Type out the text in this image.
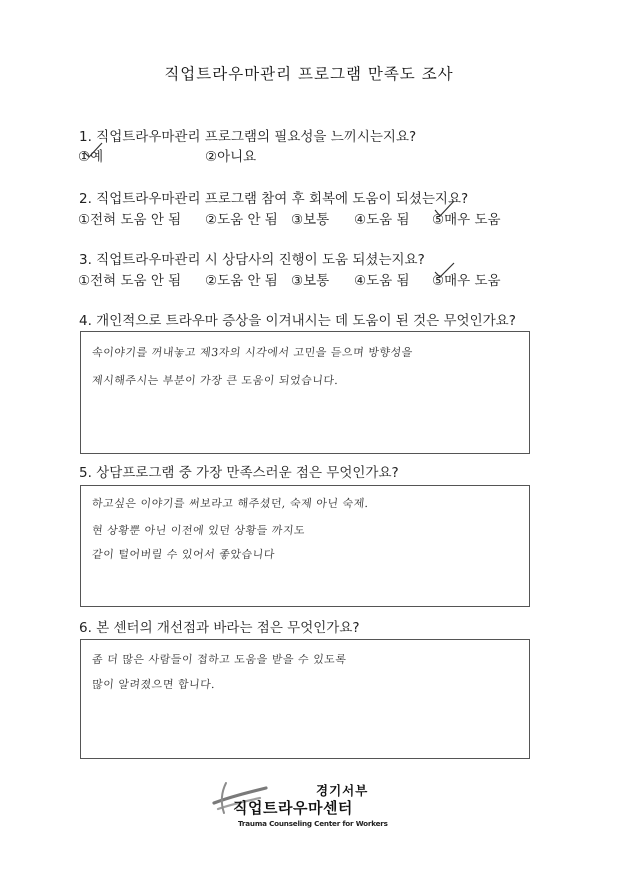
직업트라우마관리 프로그램 만족도 조사
1. 직업트라우마관리 프로그램의 필요성을 느끼시는지요?
①예	②아니요
2. 직업트라우마관리 프로그램 참여 후 회복에 도움이 되셨는지요?
①전혀 도움 안 됨 ②도움 안 됨 ③보통 ④도움 됨 ⑤매우 도움
3. 직업트라우마관리 시 상담사의 진행이 도움 되셨는지요?
①전혀 도움 안 됨 ②도움 안 됨 ③보통 ④도움 됨 ⑤매우 도움
4. 개인적으로 트라우마 증상을 이겨내시는 데 도움이 된 것은 무엇인가요?
속이야기를 꺼내놓고 제3자의 시각에서 고민을 듣으며 방향성을
제시해주시는 부분이 가장 큰 도움이 되었습니다.
5. 상담프로그램 중 가장 만족스러운 점은 무엇인가요?
하고싶은 이야기를 써보라고 해주셨던, 숙제 아닌 숙제.
현 상황뿐 아닌 이전에 있던 상황들 까지도
같이 털어버릴 수 있어서 좋았습니다
6. 본 센터의 개선점과 바라는 점은 무엇인가요?
좀 더 많은 사람들이 접하고 도움을 받을 수 있도록
많이 알려졌으면 합니다.
경기서부
직업트라우마센터
Trauma Counseling Center for Workers
